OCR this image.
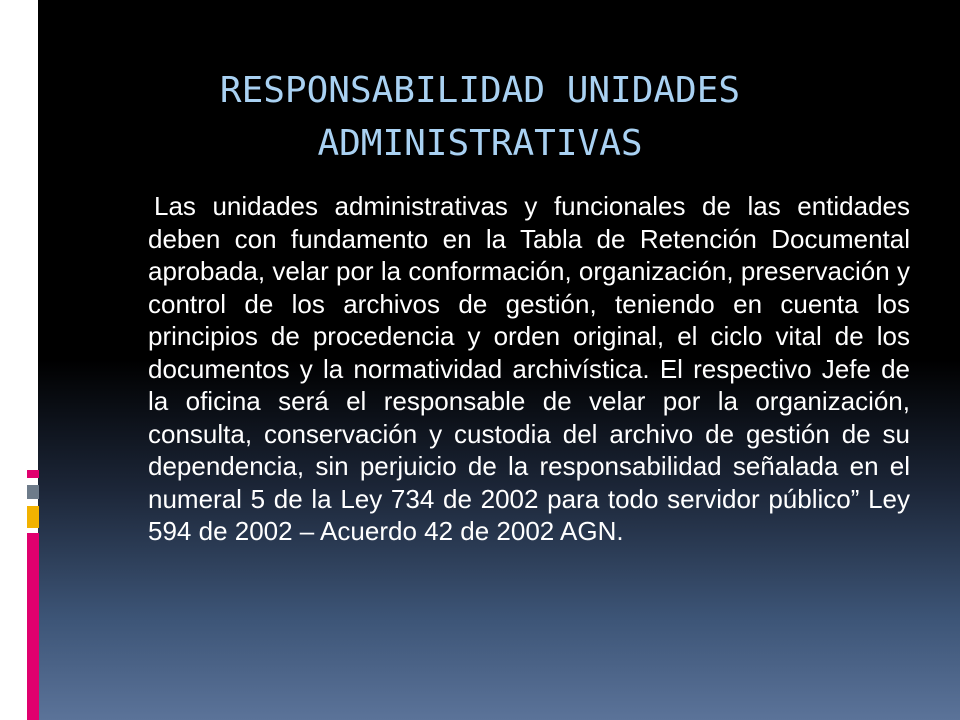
RESPONSABILIDAD UNIDADES ADMINISTRATIVAS

Las unidades administrativas y funcionales de las entidades deben con fundamento en la Tabla de Retención Documental aprobada, velar por la conformación, organización, preservación y control de los archivos de gestión, teniendo en cuenta los principios de procedencia y orden original, el ciclo vital de los documentos y la normatividad archivística. El respectivo Jefe de la oficina será el responsable de velar por la organización, consulta, conservación y custodia del archivo de gestión de su dependencia, sin perjuicio de la responsabilidad señalada en el numeral 5 de la Ley 734 de 2002 para todo servidor público” Ley 594 de 2002 – Acuerdo 42 de 2002 AGN.
